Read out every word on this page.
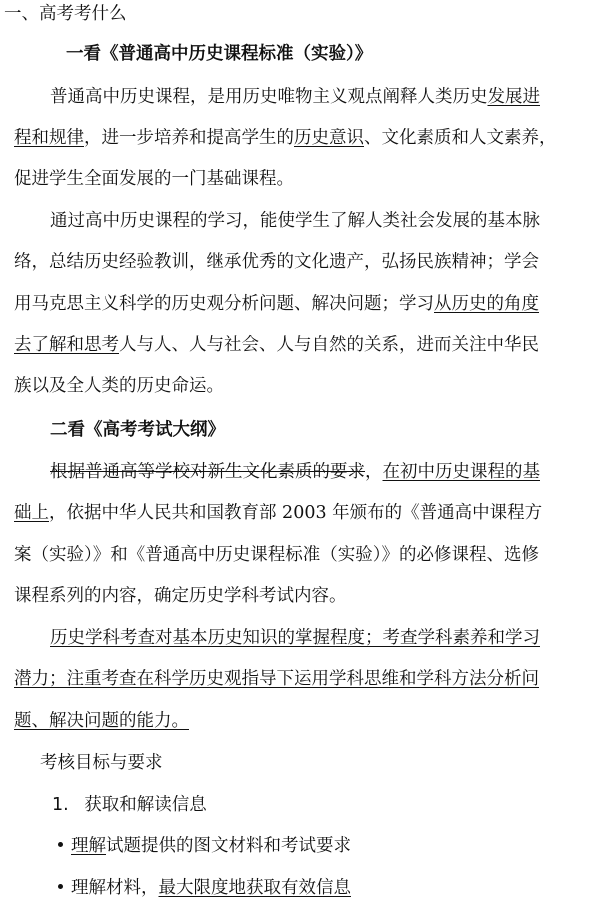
一、高考考什么
一看《普通高中历史课程标准（实验）》
普通高中历史课程，是用历史唯物主义观点阐释人类历史发展进
程和规律，进一步培养和提高学生的历史意识、文化素质和人文素养，
促进学生全面发展的一门基础课程。
通过高中历史课程的学习，能使学生了解人类社会发展的基本脉
络，总结历史经验教训，继承优秀的文化遗产，弘扬民族精神；学会
用马克思主义科学的历史观分析问题、解决问题；学习从历史的角度
去了解和思考人与人、人与社会、人与自然的关系，进而关注中华民
族以及全人类的历史命运。
二看《高考考试大纲》
根据普通高等学校对新生文化素质的要求，在初中历史课程的基
础上，依据中华人民共和国教育部 2003 年颁布的《普通高中课程方
案（实验）》和《普通高中历史课程标准（实验）》的必修课程、选修
课程系列的内容，确定历史学科考试内容。
历史学科考查对基本历史知识的掌握程度；考查学科素养和学习
潜力；注重考查在科学历史观指导下运用学科思维和学科方法分析问
题、解决问题的能力。
考核目标与要求
1. 获取和解读信息
理解试题提供的图文材料和考试要求
理解材料，最大限度地获取有效信息
